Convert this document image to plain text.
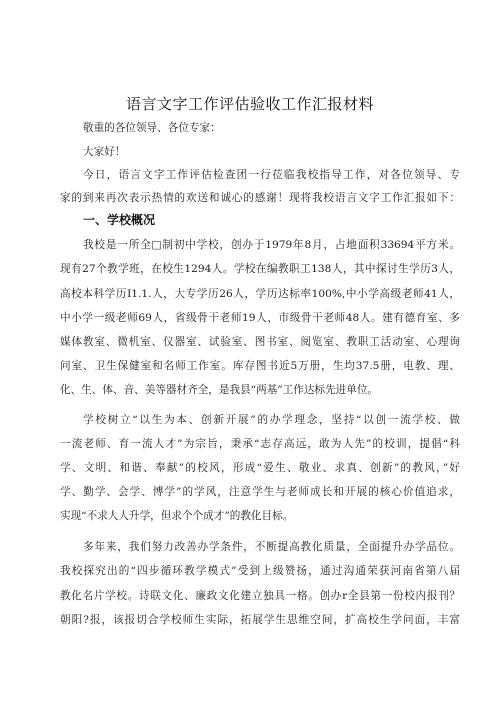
语言文字工作评估验收工作汇报材料
敬重的各位领导、各位专家：
大家好！
今日，语言文字工作评估检查团一行莅临我校指导工作，对各位领导、专
家的到来再次表示热情的欢送和诚心的感谢！现将我校语言文字工作汇报如下：
一、学校概况
我校是一所全□制初中学校，创办于1979年8月，占地面积33694平方米。
现有27个教学班，在校生1294人。学校在编教职工138人，其中探讨生学历3人，
高校本科学历I1.1.人，大专学历26人，学历达标率100%,中小学高级老师41人，
中小学一级老师69人，省级骨干老师19人，市级骨干老师48人。建有德育室、多
媒体教室、微机室、仪器室、试验室、图书室、阅览室、教职工活动室、心理询
问室、卫生保健室和名师工作室。库存图书近5万册，生均37.5册，电教、理、
化、生、体、音、美等器材齐全，是我县“两基”工作达标先进单位。
学校树立“以生为本、创新开展”的办学理念，坚持“以创一流学校、做
一流老师、育一流人才”为宗旨，秉承“志存高远，敢为人先”的校训，提倡“科
学、文明、和谐、奉献”的校风，形成“爱生、敬业、求真、创新”的教风，”好
学、勤学、会学、博学”的学风，注意学生与老师成长和开展的核心价值追求，
实现“不求人人升学，但求个个成才”的教化目标。
多年来，我们努力改善办学条件，不断提高教化质量，全面提升办学品位。
我校探究出的“四步循环教学模式”受到上级赞扬，通过沟通荣获河南省第八届
教化名片学校。诗联文化、廉政文化建立独具一格。创办r全县第一份校内报刊？
朝阳?报，该报切合学校师生实际，拓展学生思维空间，扩高校生学问面，丰富
